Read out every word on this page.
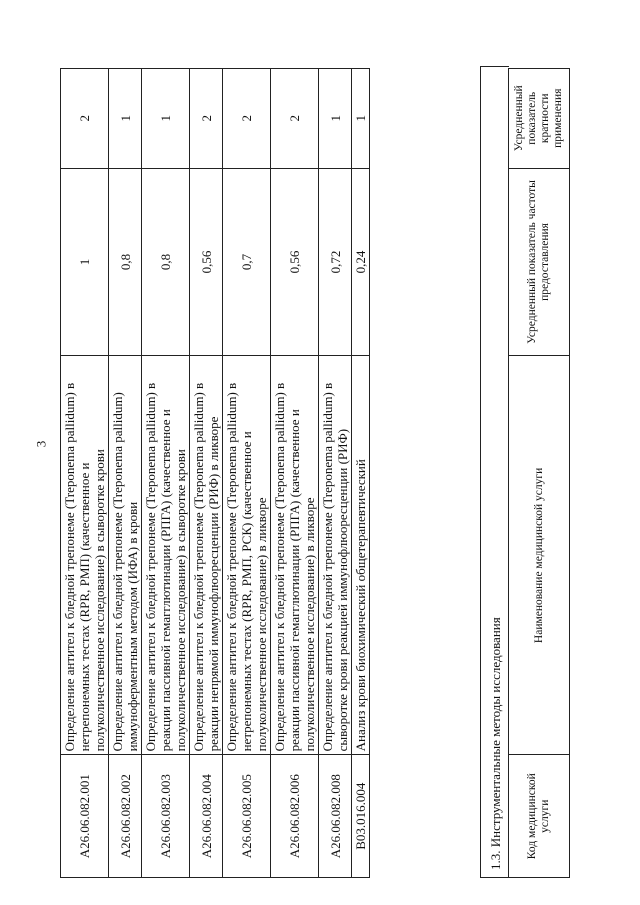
3
A26.06.082.001	Определение антител к бледной трепонеме (Treponema pallidum) в нетрепонемных тестах (RPR, РМП) (качественное и полуколичественное исследование) в сыворотке крови	1	2
A26.06.082.002	Определение антител к бледной трепонеме (Treponema pallidum) иммуноферментным методом (ИФА) в крови	0,8	1
A26.06.082.003	Определение антител к бледной трепонеме (Treponema pallidum) в реакции пассивной гемагглютинации (РПГА) (качественное и полуколичественное исследование) в сыворотке крови	0,8	1
A26.06.082.004	Определение антител к бледной трепонеме (Treponema pallidum) в реакции непрямой иммунофлюоресценции (РИФ) в ликворе	0,56	2
A26.06.082.005	Определение антител к бледной трепонеме (Treponema pallidum) в нетрепонемных тестах (RPR, РМП, РСК) (качественное и полуколичественное исследование) в ликворе	0,7	2
A26.06.082.006	Определение антител к бледной трепонеме (Treponema pallidum) в реакции пассивной гемагглютинации (РПГА) (качественное и полуколичественное исследование) в ликворе	0,56	2
A26.06.082.008	Определение антител к бледной трепонеме (Treponema pallidum) в сыворотке крови реакцией иммунофлюоресценции (РИФ)	0,72	1
B03.016.004	Анализ крови биохимический общетерапевтический	0,24	1
1.3. Инструментальные методы исследования Код медицинской услуги	Наименование медицинской услуги	Усредненный показатель частоты предоставления	Усредненный показатель кратности применения
